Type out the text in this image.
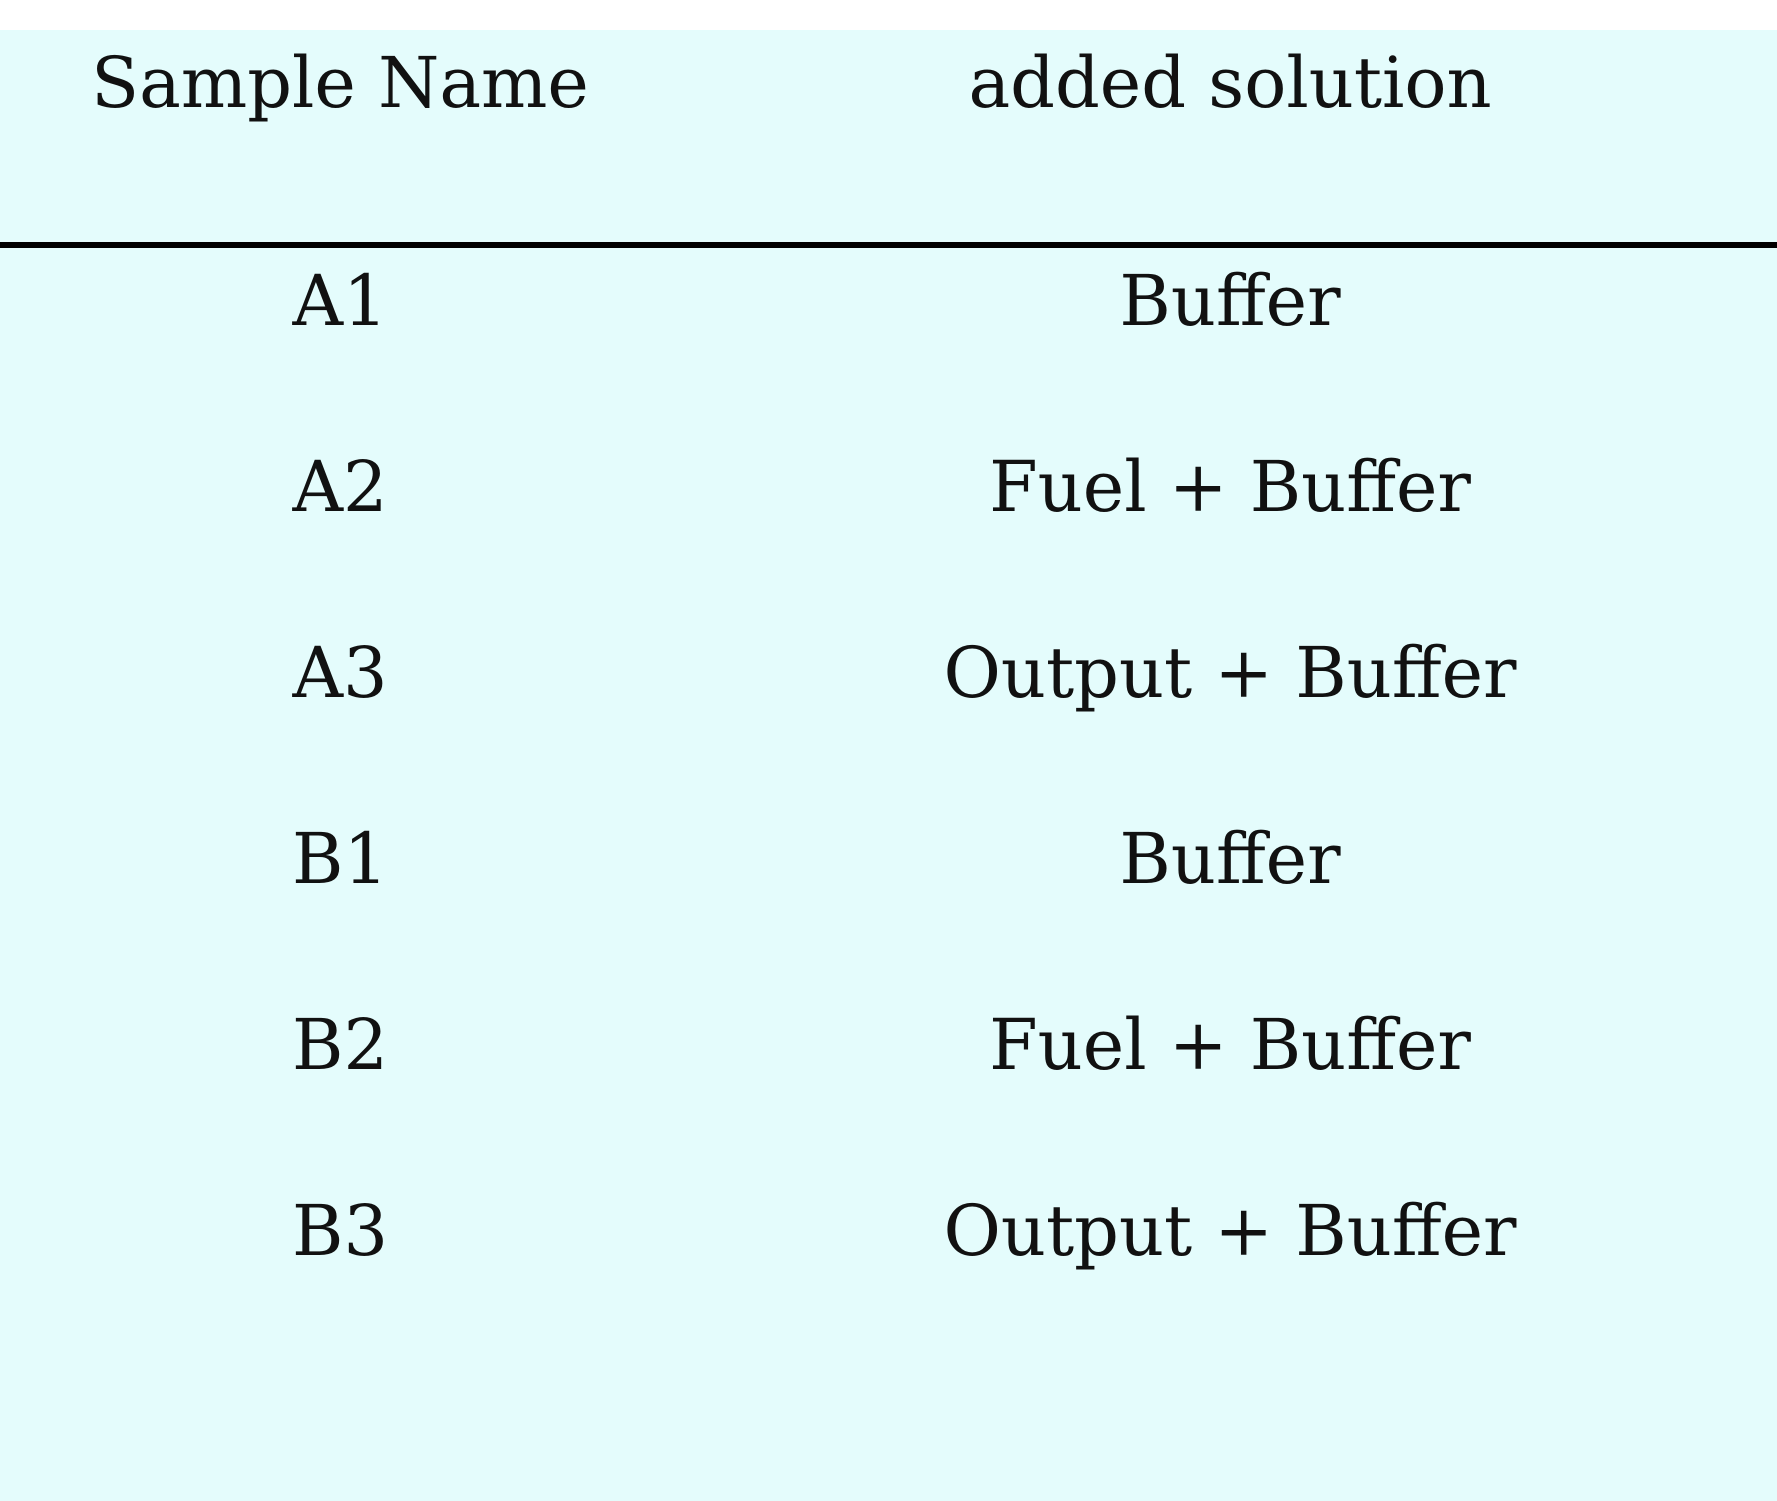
Sample Name	added solution
A1	Buffer
A2	Fuel + Buffer
A3	Output + Buffer
B1	Buffer
B2	Fuel + Buffer
B3	Output + Buffer
